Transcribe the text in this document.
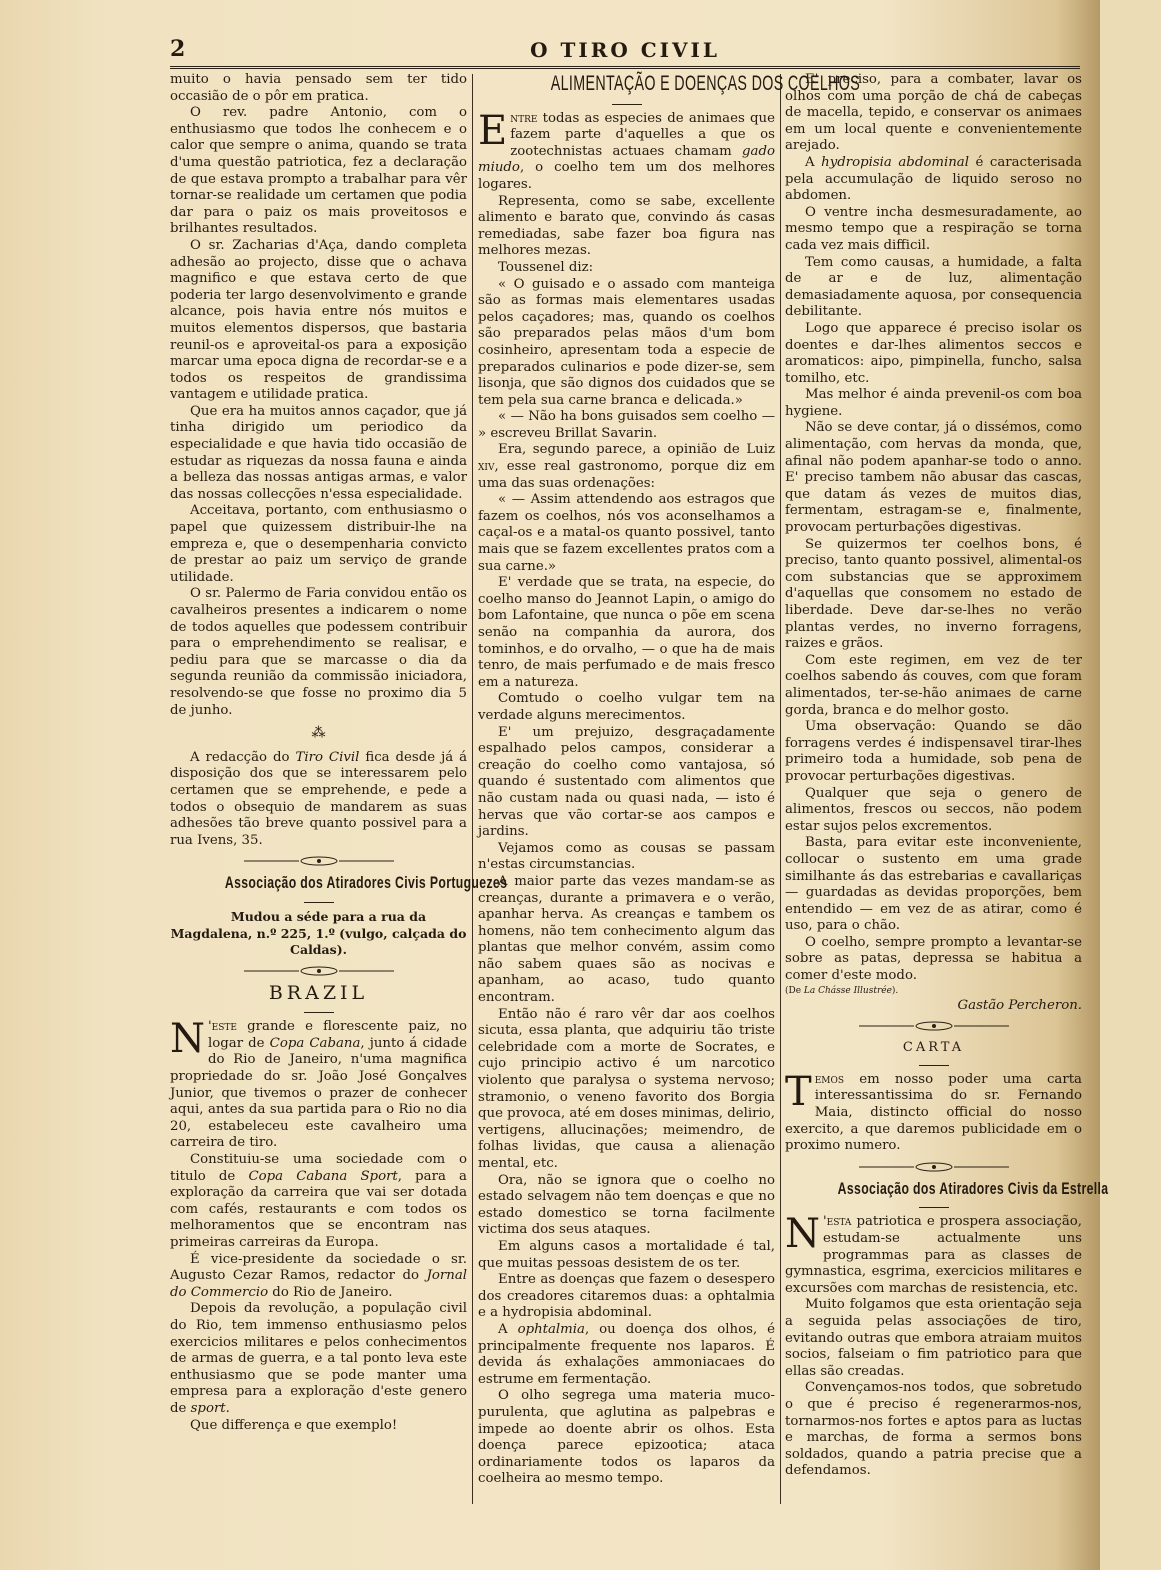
2	O TIRO CIVIL

muito o havia pensado sem ter tido occasião de o pôr em pratica.

O rev. padre Antonio, com o enthusiasmo que todos lhe conhecem e o calor que sempre o anima, quando se trata d'uma questão patriotica, fez a declaração de que estava prompto a trabalhar para vêr tornar-se realidade um certamen que podia dar para o paiz os mais proveitosos e brilhantes resultados.

O sr. Zacharias d'Aça, dando completa adhesão ao projecto, disse que o achava magnifico e que estava certo de que poderia ter largo desenvolvimento e grande alcance, pois havia entre nós muitos e muitos elementos dispersos, que bastaria reunil-os e aproveital-os para a exposição marcar uma epoca digna de recordar-se e a todos os respeitos de grandissima vantagem e utilidade pratica.

Que era ha muitos annos caçador, que já tinha dirigido um periodico da especialidade e que havia tido occasião de estudar as riquezas da nossa fauna e ainda a belleza das nossas antigas armas, e valor das nossas collecções n'essa especialidade.

Acceitava, portanto, com enthusiasmo o papel que quizessem distribuir-lhe na empreza e, que o desempenharia convicto de prestar ao paiz um serviço de grande utilidade.

O sr. Palermo de Faria convidou então os cavalheiros presentes a indicarem o nome de todos aquelles que podessem contribuir para o emprehendimento se realisar, e pediu para que se marcasse o dia da segunda reunião da commissão iniciadora, resolvendo-se que fosse no proximo dia 5 de junho.

⁂

A redacção do Tiro Civil fica desde já á disposição dos que se interessarem pelo certamen que se emprehende, e pede a todos o obsequio de mandarem as suas adhesões tão breve quanto possivel para a rua Ivens, 35.

Associação dos Atiradores Civis Portuguezes

Mudou a séde para a rua da Magdalena, n.º 225, 1.º (vulgo, calçada do Caldas).

BRAZIL

N 'este grande e florescente paiz, no logar de Copa Cabana, junto á cidade do Rio de Janeiro, n'uma magnifica propriedade do sr. João José Gonçalves Junior, que tivemos o prazer de conhecer aqui, antes da sua partida para o Rio no dia 20, estabeleceu este cavalheiro uma carreira de tiro.

Constituiu-se uma sociedade com o titulo de Copa Cabana Sport, para a exploração da carreira que vai ser dotada com cafés, restaurants e com todos os melhoramentos que se encontram nas primeiras carreiras da Europa.

É vice-presidente da sociedade o sr. Augusto Cezar Ramos, redactor do Jornal do Commercio do Rio de Janeiro.

Depois da revolução, a população civil do Rio, tem immenso enthusiasmo pelos exercicios militares e pelos conhecimentos de armas de guerra, e a tal ponto leva este enthusiasmo que se pode manter uma empresa para a exploração d'este genero de sport.

Que differença e que exemplo!

ALIMENTAÇÃO E DOENÇAS DOS COELHOS

Entre todas as especies de animaes que fazem parte d'aquelles a que os zootechnistas actuaes chamam gado miudo, o coelho tem um dos melhores logares.

Representa, como se sabe, excellente alimento e barato que, convindo ás casas remediadas, sabe fazer boa figura nas melhores mezas.

Toussenel diz:

« O guisado e o assado com manteiga são as formas mais elementares usadas pelos caçadores; mas, quando os coelhos são preparados pelas mãos d'um bom cosinheiro, apresentam toda a especie de preparados culinarios e pode dizer-se, sem lisonja, que são dignos dos cuidados que se tem pela sua carne branca e delicada.»

« — Não ha bons guisados sem coelho — » escreveu Brillat Savarin.

Era, segundo parece, a opinião de Luiz xiv, esse real gastronomo, porque diz em uma das suas ordenações:

« — Assim attendendo aos estragos que fazem os coelhos, nós vos aconselhamos a caçal-os e a matal-os quanto possivel, tanto mais que se fazem excellentes pratos com a sua carne.»

E' verdade que se trata, na especie, do coelho manso do Jeannot Lapin, o amigo do bom Lafontaine, que nunca o põe em scena senão na companhia da aurora, dos tominhos, e do orvalho, — o que ha de mais tenro, de mais perfumado e de mais fresco em a natureza.

Comtudo o coelho vulgar tem na verdade alguns merecimentos.

E' um prejuizo, desgraçadamente espalhado pelos campos, considerar a creação do coelho como vantajosa, só quando é sustentado com alimentos que não custam nada ou quasi nada, — isto é hervas que vão cortar-se aos campos e jardins.

Vejamos como as cousas se passam n'estas circumstancias.

A maior parte das vezes mandam-se as creanças, durante a primavera e o verão, apanhar herva. As creanças e tambem os homens, não tem conhecimento algum das plantas que melhor convém, assim como não sabem quaes são as nocivas e apanham, ao acaso, tudo quanto encontram.

Então não é raro vêr dar aos coelhos sicuta, essa planta, que adquiriu tão triste celebridade com a morte de Socrates, e cujo principio activo é um narcotico violento que paralysa o systema nervoso; stramonio, o veneno favorito dos Borgia que provoca, até em doses minimas, delirio, vertigens, allucinações; meimendro, de folhas lividas, que causa a alienação mental, etc.

Ora, não se ignora que o coelho no estado selvagem não tem doenças e que no estado domestico se torna facilmente victima dos seus ataques.

Em alguns casos a mortalidade é tal, que muitas pessoas desistem de os ter.

Entre as doenças que fazem o desespero dos creadores citaremos duas: a ophtalmia e a hydropisia abdominal.

A ophtalmia, ou doença dos olhos, é principalmente frequente nos laparos. É devida ás exhalações ammoniacaes do estrume em fermentação.

O olho segrega uma materia muco-purulenta, que aglutina as palpebras e impede ao doente abrir os olhos. Esta doença parece epizootica; ataca ordinariamente todos os laparos da coelheira ao mesmo tempo.

E' preciso, para a combater, lavar os olhos com uma porção de chá de cabeças de macella, tepido, e conservar os animaes em um local quente e convenientemente arejado.

A hydropisia abdominal é caracterisada pela accumulação de liquido seroso no abdomen.

O ventre incha desmesuradamente, ao mesmo tempo que a respiração se torna cada vez mais difficil.

Tem como causas, a humidade, a falta de ar e de luz, alimentação demasiadamente aquosa, por consequencia debilitante.

Logo que apparece é preciso isolar os doentes e dar-lhes alimentos seccos e aromaticos: aipo, pimpinella, funcho, salsa tomilho, etc.

Mas melhor é ainda prevenil-os com boa hygiene.

Não se deve contar, já o dissémos, como alimentação, com hervas da monda, que, afinal não podem apanhar-se todo o anno. E' preciso tambem não abusar das cascas, que datam ás vezes de muitos dias, fermentam, estragam-se e, finalmente, provocam perturbações digestivas.

Se quizermos ter coelhos bons, é preciso, tanto quanto possivel, alimental-os com substancias que se approximem d'aquellas que consomem no estado de liberdade. Deve dar-se-lhes no verão plantas verdes, no inverno forragens, raizes e grãos.

Com este regimen, em vez de ter coelhos sabendo ás couves, com que foram alimentados, ter-se-hão animaes de carne gorda, branca e do melhor gosto.

Uma observação: Quando se dão forragens verdes é indispensavel tirar-lhes primeiro toda a humidade, sob pena de provocar perturbações digestivas.

Qualquer que seja o genero de alimentos, frescos ou seccos, não podem estar sujos pelos excrementos.

Basta, para evitar este inconveniente, collocar o sustento em uma grade similhante ás das estrebarias e cavallariças — guardadas as devidas proporções, bem entendido — em vez de as atirar, como é uso, para o chão.

O coelho, sempre prompto a levantar-se sobre as patas, depressa se habitua a comer d'este modo.

(De La Chásse Illustrée).

Gastão Percheron.

CARTA

Temos em nosso poder uma carta interessantissima do sr. Fernando Maia, distincto official do nosso exercito, a que daremos publicidade em o proximo numero.

Associação dos Atiradores Civis da Estrella

N 'esta patriotica e prospera associação, estudam-se actualmente uns programmas para as classes de gymnastica, esgrima, exercicios militares e excursões com marchas de resistencia, etc.

Muito folgamos que esta orientação seja a seguida pelas associações de tiro, evitando outras que embora atraiam muitos socios, falseiam o fim patriotico para que ellas são creadas.

Convençamos-nos todos, que sobretudo o que é preciso é regenerarmos-nos, tornarmos-nos fortes e aptos para as luctas e marchas, de forma a sermos bons soldados, quando a patria precise que a defendamos.
